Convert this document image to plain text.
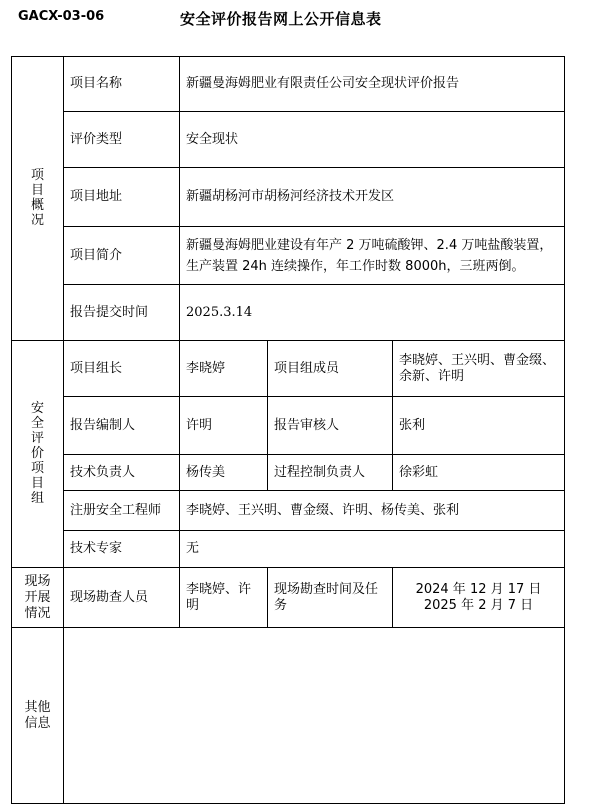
GACX-03-06	安全评价报告网上公开信息表
项目概况	项目名称	新疆曼海姆肥业有限责任公司安全现状评价报告		
	评价类型	安全现状		
	项目地址	新疆胡杨河市胡杨河经济技术开发区		
	项目简介	新疆曼海姆肥业建设有年产 2 万吨硫酸钾、2.4 万吨盐酸装置，生产装置 24h 连续操作，年工作时数 8000h，三班两倒。		
	报告提交时间	2025.3.14		
安全评价项目组	项目组长	李晓婷	项目组成员	李晓婷、王兴明、曹金缀、余新、许明
	报告编制人	许明	报告审核人	张利
	技术负责人	杨传美	过程控制负责人	徐彩虹
	注册安全工程师	李晓婷、王兴明、曹金缀、许明、杨传美、张利		
	技术专家	无		
现场开展情况	现场勘查人员	李晓婷、许明	现场勘查时间及任务	2024 年 12 月 17 日
2025 年 2 月 7 日

其他信息				
